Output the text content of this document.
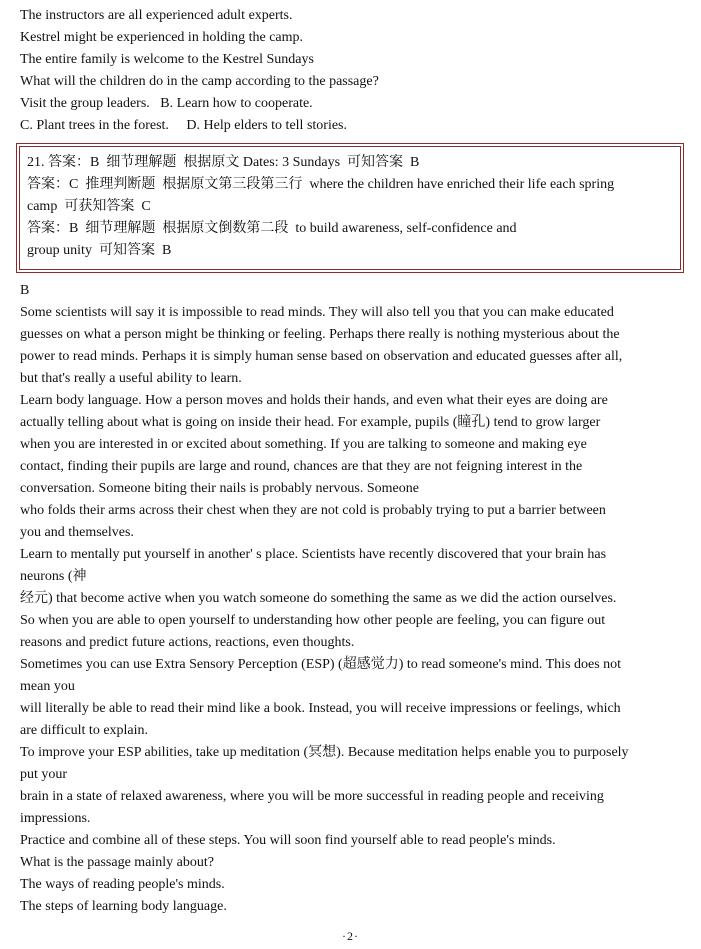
The instructors are all experienced adult experts.
Kestrel might be experienced in holding the camp.
The entire family is welcome to the Kestrel Sundays
What will the children do in the camp according to the passage?
Visit the group leaders.   B. Learn how to cooperate.
C. Plant trees in the forest.     D. Help elders to tell stories.
21. 答案：B  细节理解题  根据原文 Dates: 3 Sundays  可知答案  B
答案：C  推理判断题  根据原文第三段第三行  where the children have enriched their life each spring
camp  可获知答案  C
答案：B  细节理解题  根据原文倒数第二段  to build awareness, self-confidence and
group unity  可知答案  B
B
Some scientists will say it is impossible to read minds. They will also tell you that you can make educated
guesses on what a person might be thinking or feeling. Perhaps there really is nothing mysterious about the
power to read minds. Perhaps it is simply human sense based on observation and educated guesses after all,
but that's really a useful ability to learn.
Learn body language. How a person moves and holds their hands, and even what their eyes are doing are
actually telling about what is going on inside their head. For example, pupils (瞳孔) tend to grow larger
when you are interested in or excited about something. If you are talking to someone and making eye
contact, finding their pupils are large and round, chances are that they are not feigning interest in the
conversation. Someone biting their nails is probably nervous. Someone
who folds their arms across their chest when they are not cold is probably trying to put a barrier between
you and themselves.
Learn to mentally put yourself in another' s place. Scientists have recently discovered that your brain has
neurons (神
经元) that become active when you watch someone do something the same as we did the action ourselves.
So when you are able to open yourself to understanding how other people are feeling, you can figure out
reasons and predict future actions, reactions, even thoughts.
Sometimes you can use Extra Sensory Perception (ESP) (超感觉力) to read someone's mind. This does not
mean you
will literally be able to read their mind like a book. Instead, you will receive impressions or feelings, which
are difficult to explain.
To improve your ESP abilities, take up meditation (冥想). Because meditation helps enable you to purposely
put your
brain in a state of relaxed awareness, where you will be more successful in reading people and receiving
impressions.
Practice and combine all of these steps. You will soon find yourself able to read people's minds.
What is the passage mainly about?
The ways of reading people's minds.
The steps of learning body language.
·2·
